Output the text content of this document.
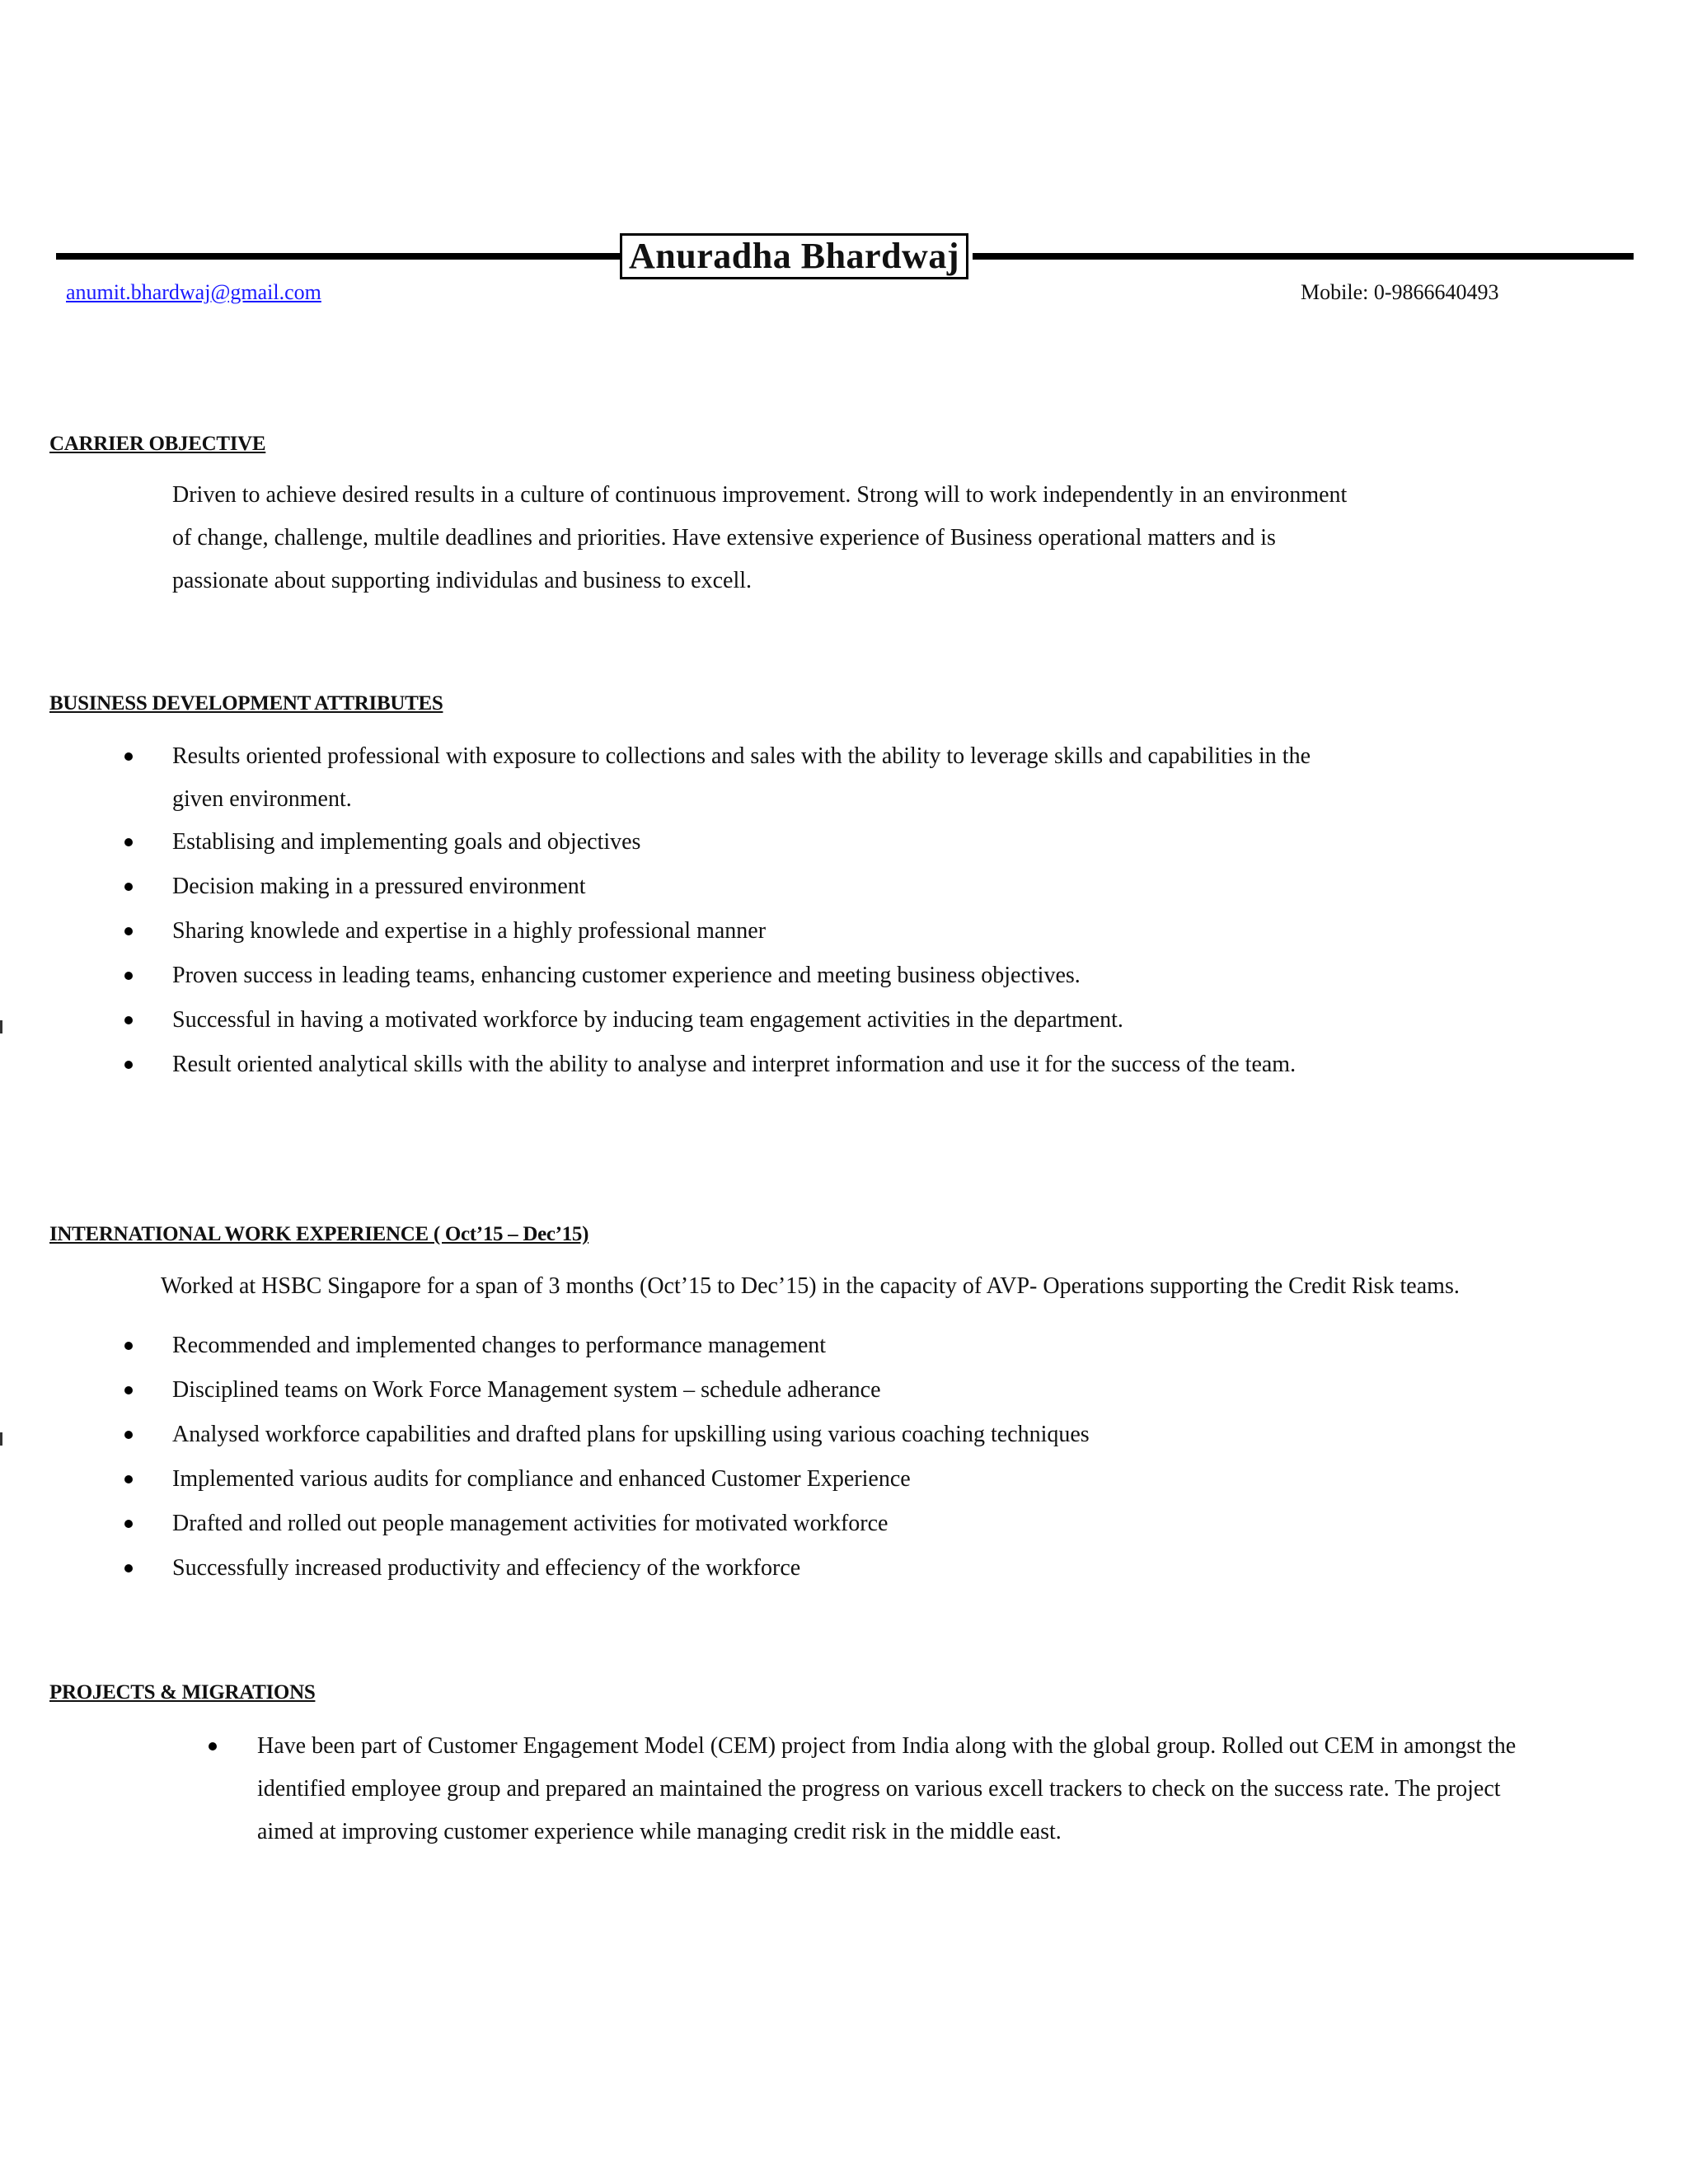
Anuradha Bhardwaj
anumit.bhardwaj@gmail.com	Mobile: 0-9866640493
CARRIER OBJECTIVE
Driven to achieve desired results in a culture of continuous improvement. Strong will to work independently in an environment
of change, challenge, multile deadlines and priorities. Have extensive experience of Business operational matters and is
passionate about supporting individulas and business to excell.
BUSINESS DEVELOPMENT ATTRIBUTES
Results oriented professional with exposure to collections and sales with the ability to leverage skills and capabilities in the
given environment.
Establising and implementing goals and objectives
Decision making in a pressured environment
Sharing knowlede and expertise in a highly professional manner
Proven success in leading teams, enhancing customer experience and meeting business objectives.
Successful in having a motivated workforce by inducing team engagement activities in the department.
Result oriented analytical skills with the ability to analyse and interpret information and use it for the success of the team.
INTERNATIONAL WORK EXPERIENCE ( Oct’15 – Dec’15)
Worked at HSBC Singapore for a span of 3 months (Oct’15 to Dec’15) in the capacity of AVP- Operations supporting the Credit Risk teams.
Recommended and implemented changes to performance management
Disciplined teams on Work Force Management system – schedule adherance
Analysed workforce capabilities and drafted plans for upskilling using various coaching techniques
Implemented various audits for compliance and enhanced Customer Experience
Drafted and rolled out people management activities for motivated workforce
Successfully increased productivity and effeciency of the workforce
PROJECTS & MIGRATIONS
Have been part of Customer Engagement Model (CEM) project from India along with the global group. Rolled out CEM in amongst the
identified employee group and prepared an maintained the progress on various excell trackers to check on the success rate. The project
aimed at improving customer experience while managing credit risk in the middle east.
